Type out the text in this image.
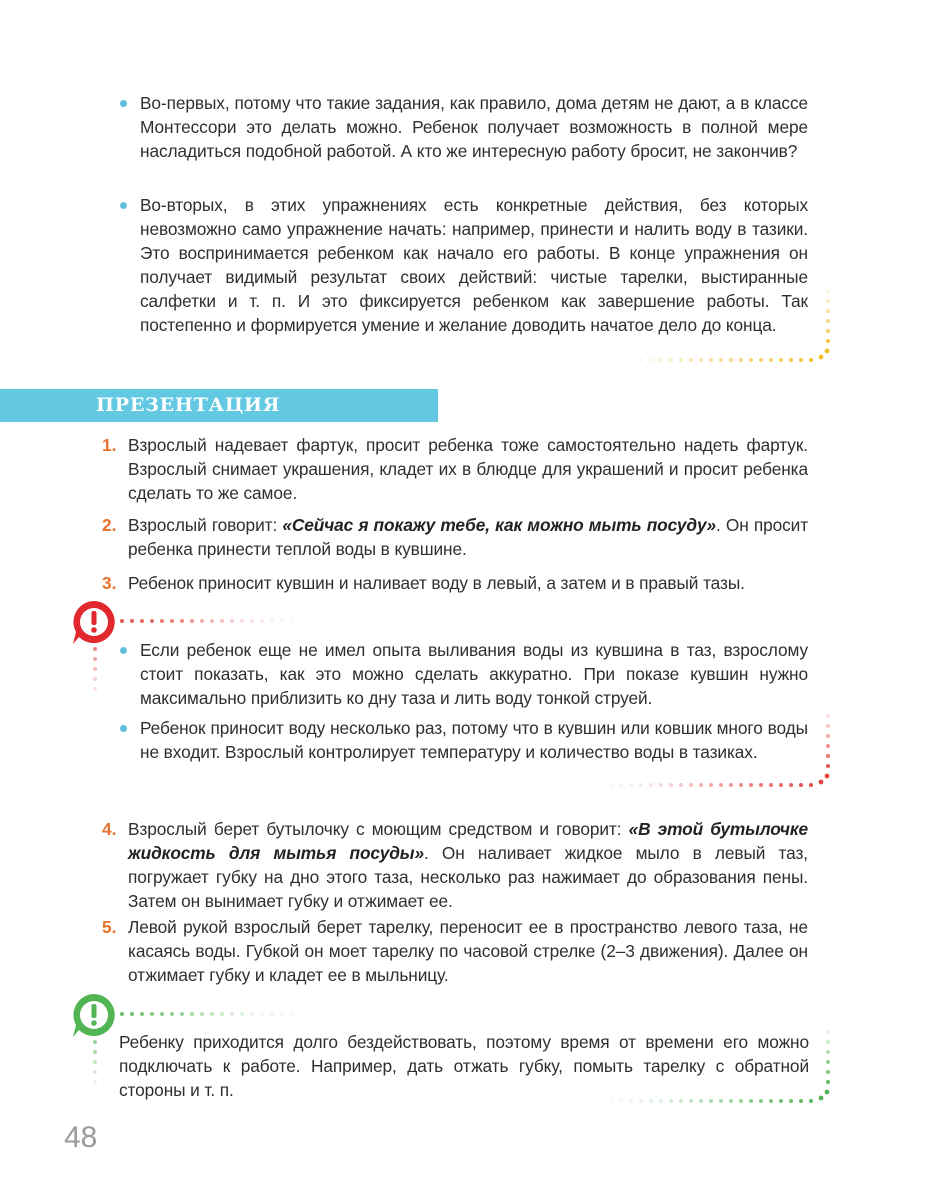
Во-первых, потому что такие задания, как правило, дома детям не дают, а в классе Монтессори это делать можно. Ребенок получает возможность в полной мере насладиться подобной работой. А кто же интересную работу бросит, не закончив?

Во-вторых, в этих упражнениях есть конкретные действия, без которых невозможно само упражнение начать: например, принести и налить воду в тазики. Это воспринимается ребенком как начало его работы. В конце упражнения он получает видимый результат своих действий: чистые тарелки, выстиранные салфетки и т. п. И это фиксируется ребенком как завершение работы. Так постепенно и формируется умение и желание доводить начатое дело до конца.

ПРЕЗЕНТАЦИЯ
1. Взрослый надевает фартук, просит ребенка тоже самостоятельно надеть фартук. Взрослый снимает украшения, кладет их в блюдце для украшений и просит ребенка сделать то же самое.

2. Взрослый говорит: «Сейчас я покажу тебе, как можно мыть посуду». Он просит ребенка принести теплой воды в кувшине.

3. Ребенок приносит кувшин и наливает воду в левый, а затем и в правый тазы.

Если ребенок еще не имел опыта выливания воды из кувшина в таз, взрослому стоит показать, как это можно сделать аккуратно. При показе кувшин нужно максимально приблизить ко дну таза и лить воду тонкой струей.

Ребенок приносит воду несколько раз, потому что в кувшин или ковшик много воды не входит. Взрослый контролирует температуру и количество воды в тазиках.

4. Взрослый берет бутылочку с моющим средством и говорит: «В этой бутылочке жидкость для мытья посуды». Он наливает жидкое мыло в левый таз, погружает губку на дно этого таза, несколько раз нажимает до образования пены. Затем он вынимает губку и отжимает ее.

5. Левой рукой взрослый берет тарелку, переносит ее в пространство левого таза, не касаясь воды. Губкой он моет тарелку по часовой стрелке (2–3 движения). Далее он отжимает губку и кладет ее в мыльницу.

Ребенку приходится долго бездействовать, поэтому время от времени его можно подключать к работе. Например, дать отжать губку, помыть тарелку с обратной стороны и т. п.

48
